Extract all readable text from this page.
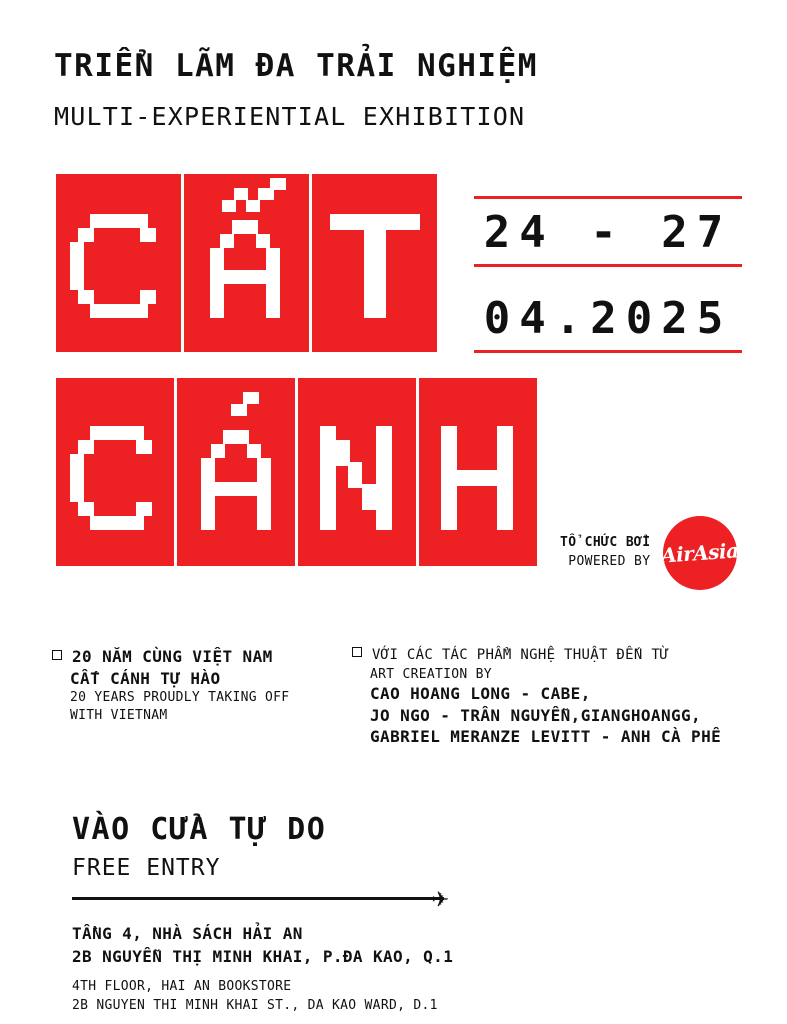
TRIỂN LÃM ĐA TRẢI NGHIỆM
MULTI-EXPERIENTIAL EXHIBITION
24 - 27
04.2025
TỔ CHỨC BỞI
POWERED BY AirAsia
20 NĂM CÙNG VIỆT NAM
CẤT CÁNH TỰ HÀO
20 YEARS PROUDLY TAKING OFF
WITH VIETNAM
VỚI CÁC TÁC PHẨM NGHỆ THUẬT ĐẾN TỪ
ART CREATION BY
CAO HOANG LONG - CABE,
JO NGO - TRÂN NGUYỄN,GIANGHOANGG,
GABRIEL MERANZE LEVITT - ANH CÀ PHÊ
VÀO CỬA TỰ DO
FREE ENTRY
✈
TẦNG 4, NHÀ SÁCH HẢI AN
2B NGUYỄN THỊ MINH KHAI, P.ĐA KAO, Q.1
4TH FLOOR, HAI AN BOOKSTORE
2B NGUYEN THI MINH KHAI ST., DA KAO WARD, D.1
